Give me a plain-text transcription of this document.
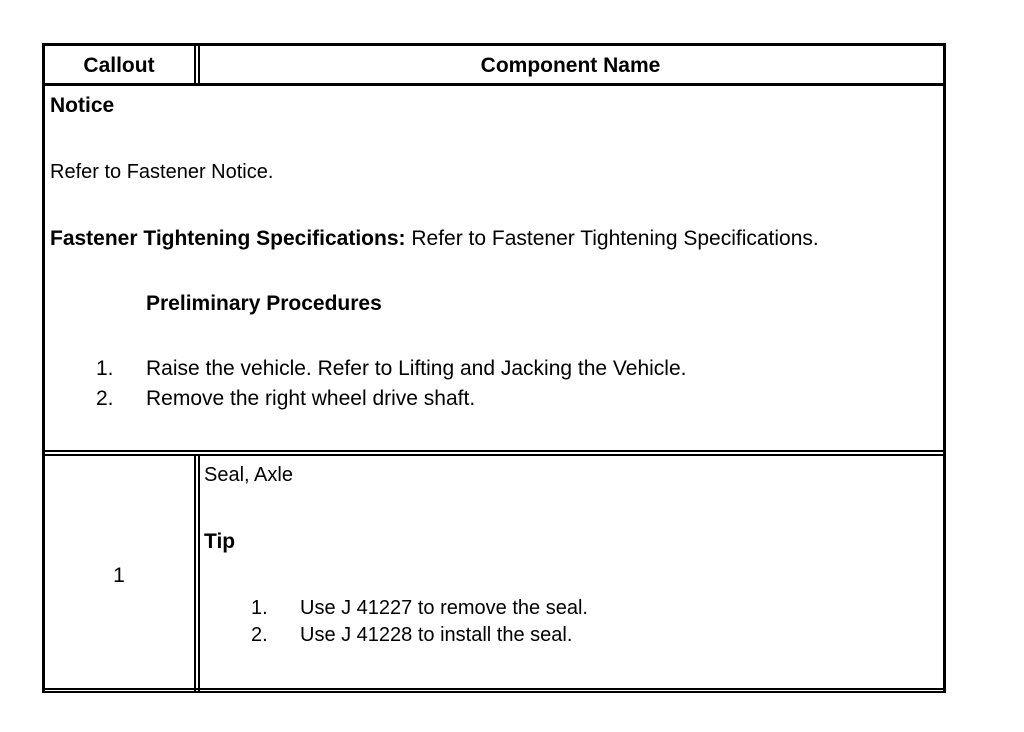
Callout	Component Name
Notice
Refer to Fastener Notice.
Fastener Tightening Specifications: Refer to Fastener Tightening Specifications.
Preliminary Procedures
1. Raise the vehicle. Refer to Lifting and Jacking the Vehicle.
2. Remove the right wheel drive shaft.
1
Seal, Axle
Tip
1. Use J 41227 to remove the seal.
2. Use J 41228 to install the seal.
